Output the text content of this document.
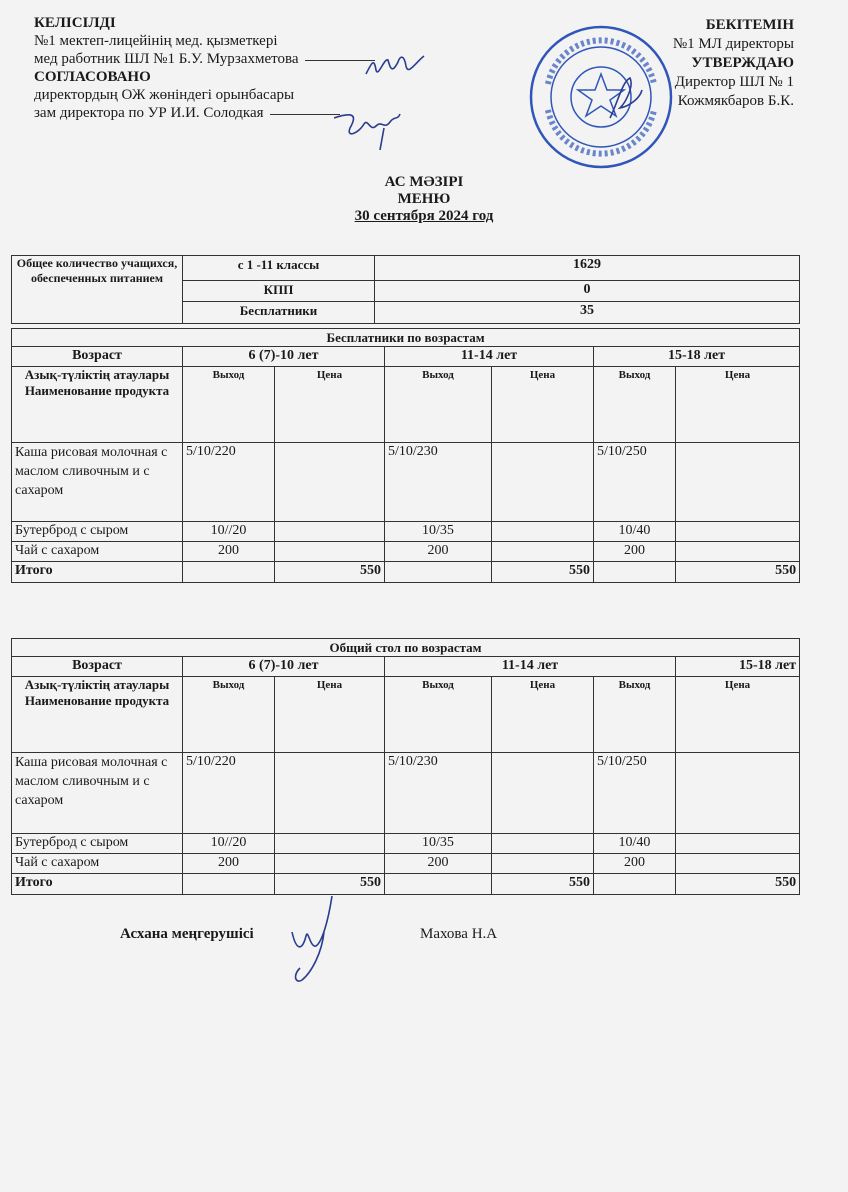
КЕЛІСІЛДІ
№1 мектеп-лицейінің мед. қызметкері
мед работник ШЛ №1 Б.У. Мурзахметова
СОГЛАСОВАНО
директордың ОЖ жөніндегі орынбасары
зам директора по УР И.И. Солодкая
БЕКІТЕМІН
№1 МЛ директоры
УТВЕРЖДАЮ
Директор ШЛ № 1
Кожмякбаров Б.К.
АС МӘЗІРІ
МЕНЮ
30 сентября 2024 год
Общее количество учащихся, обеспеченных питанием	с 1 -11 классы	1629
	КПП	0
	Бесплатники	35
Бесплатники по возрастам						
Возраст	6 (7)-10 лет		11-14 лет		15-18 лет	
Азық-түліктің атаулары Наименование продукта	Выход	Цена	Выход	Цена	Выход	Цена
Каша рисовая молочная с маслом сливочным и с сахаром	5/10/220		5/10/230		5/10/250	
Бутерброд с сыром	10//20		10/35		10/40	
Чай с сахаром	200		200		200	
Итого		550		550		550
Общий стол по возрастам						
Возраст	6 (7)-10 лет		11-14 лет			15-18 лет
Азық-түліктің атаулары Наименование продукта	Выход	Цена	Выход	Цена	Выход	Цена
Каша рисовая молочная с маслом сливочным и с сахаром	5/10/220		5/10/230		5/10/250	
Бутерброд с сыром	10//20		10/35		10/40	
Чай с сахаром	200		200		200	
Итого		550		550		550
Асхана меңгерушісі	Махова Н.А
